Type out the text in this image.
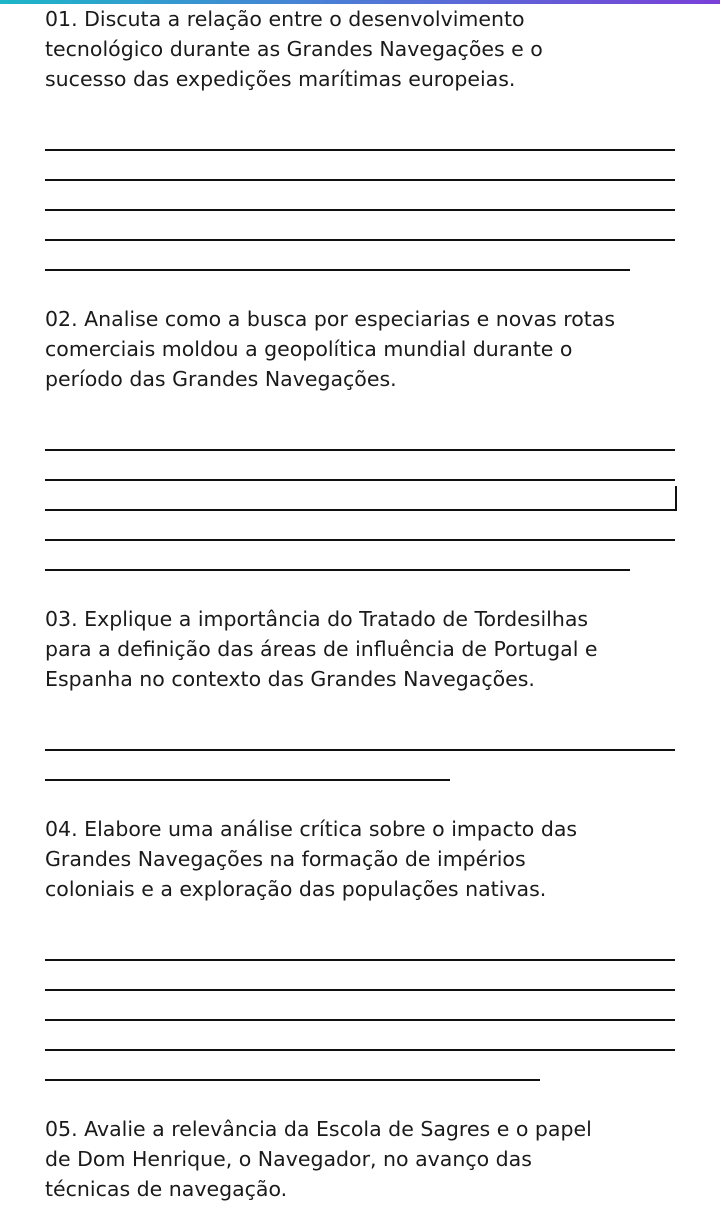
01. Discuta a relação entre o desenvolvimento
tecnológico durante as Grandes Navegações e o
sucesso das expedições marítimas europeias.

02. Analise como a busca por especiarias e novas rotas
comerciais moldou a geopolítica mundial durante o
período das Grandes Navegações.

03. Explique a importância do Tratado de Tordesilhas
para a definição das áreas de influência de Portugal e
Espanha no contexto das Grandes Navegações.

04. Elabore uma análise crítica sobre o impacto das
Grandes Navegações na formação de impérios
coloniais e a exploração das populações nativas.

05. Avalie a relevância da Escola de Sagres e o papel
de Dom Henrique, o Navegador, no avanço das
técnicas de navegação.
